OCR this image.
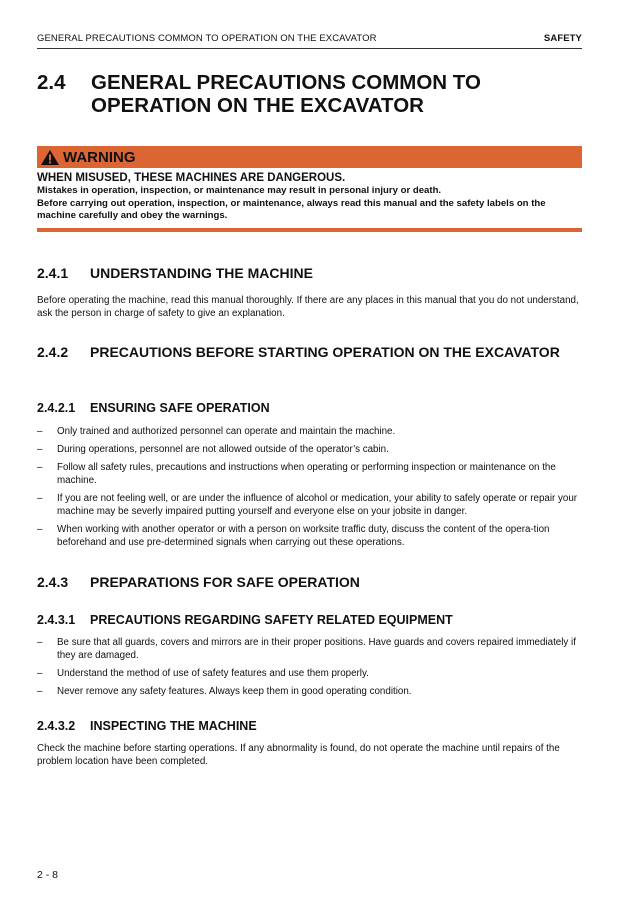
GENERAL PRECAUTIONS COMMON TO OPERATION ON THE EXCAVATOR	SAFETY
2.4	GENERAL PRECAUTIONS COMMON TO OPERATION ON THE EXCAVATOR
WARNING
WHEN MISUSED, THESE MACHINES ARE DANGEROUS.
Mistakes in operation, inspection, or maintenance may result in personal injury or death.
Before carrying out operation, inspection, or maintenance, always read this manual and the safety labels on the machine carefully and obey the warnings.
2.4.1	UNDERSTANDING THE MACHINE
Before operating the machine, read this manual thoroughly. If there are any places in this manual that you do not understand, ask the person in charge of safety to give an explanation.
2.4.2	PRECAUTIONS BEFORE STARTING OPERATION ON THE EXCAVATOR
2.4.2.1	ENSURING SAFE OPERATION
–	Only trained and authorized personnel can operate and maintain the machine.
–	During operations, personnel are not allowed outside of the operator’s cabin.
–	Follow all safety rules, precautions and instructions when operating or performing inspection or maintenance on the machine.
–	If you are not feeling well, or are under the influence of alcohol or medication, your ability to safely operate or repair your machine may be severly impaired putting yourself and everyone else on your jobsite in danger.
–	When working with another operator or with a person on worksite traffic duty, discuss the content of the opera-tion beforehand and use pre-determined signals when carrying out these operations.
2.4.3	PREPARATIONS FOR SAFE OPERATION
2.4.3.1	PRECAUTIONS REGARDING SAFETY RELATED EQUIPMENT
–	Be sure that all guards, covers and mirrors are in their proper positions. Have guards and covers repaired immediately if they are damaged.
–	Understand the method of use of safety features and use them properly.
–	Never remove any safety features. Always keep them in good operating condition.
2.4.3.2	INSPECTING THE MACHINE
Check the machine before starting operations. If any abnormality is found, do not operate the machine until repairs of the problem location have been completed.
2 - 8
